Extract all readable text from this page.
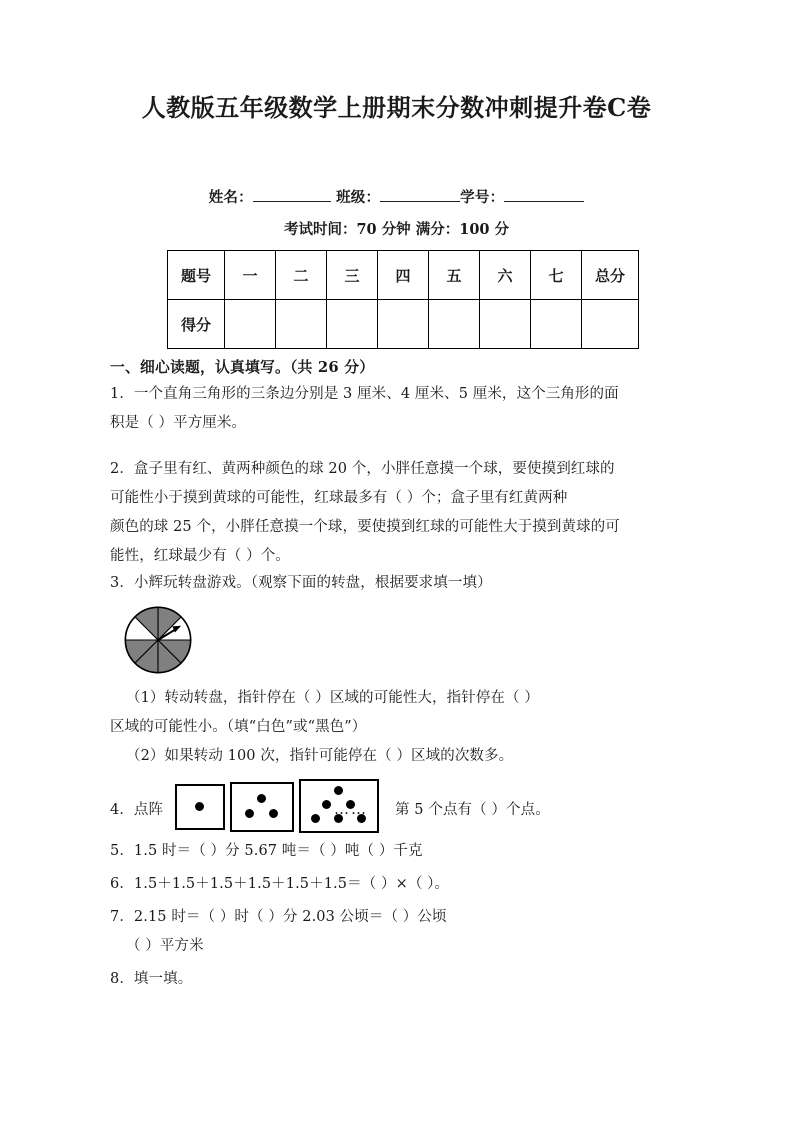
人教版五年级数学上册期末分数冲刺提升卷C卷
姓名：	班级：	学号：
考试时间：70 分钟 满分：100 分
题号	一	二	三	四	五	六	七	总分
得分								
一、细心读题，认真填写。（共 26 分）
1．一个直角三角形的三条边分别是 3 厘米、4 厘米、5 厘米，这个三角形的面
积是（ ）平方厘米。
2．盒子里有红、黄两种颜色的球 20 个，小胖任意摸一个球，要使摸到红球的
可能性小于摸到黄球的可能性，红球最多有（ ）个；盒子里有红黄两种
颜色的球 25 个，小胖任意摸一个球，要使摸到红球的可能性大于摸到黄球的可
能性，红球最少有（ ）个。
3．小辉玩转盘游戏。（观察下面的转盘，根据要求填一填）
（1）转动转盘，指针停在（ ）区域的可能性大，指针停在（ ）
区域的可能性小。（填“白色”或“黑色”）
（2）如果转动 100 次，指针可能停在（ ）区域的次数多。
4．点阵	…… 第 5 个点有（ ）个点。
5．1.5 时＝（ ）分 5.67 吨＝（ ）吨（ ）千克
6．1.5＋1.5＋1.5＋1.5＋1.5＋1.5＝（ ）×（ ）。
7．2.15 时＝（ ）时（ ）分 2.03 公顷＝（ ）公顷
（ ）平方米
8．填一填。
